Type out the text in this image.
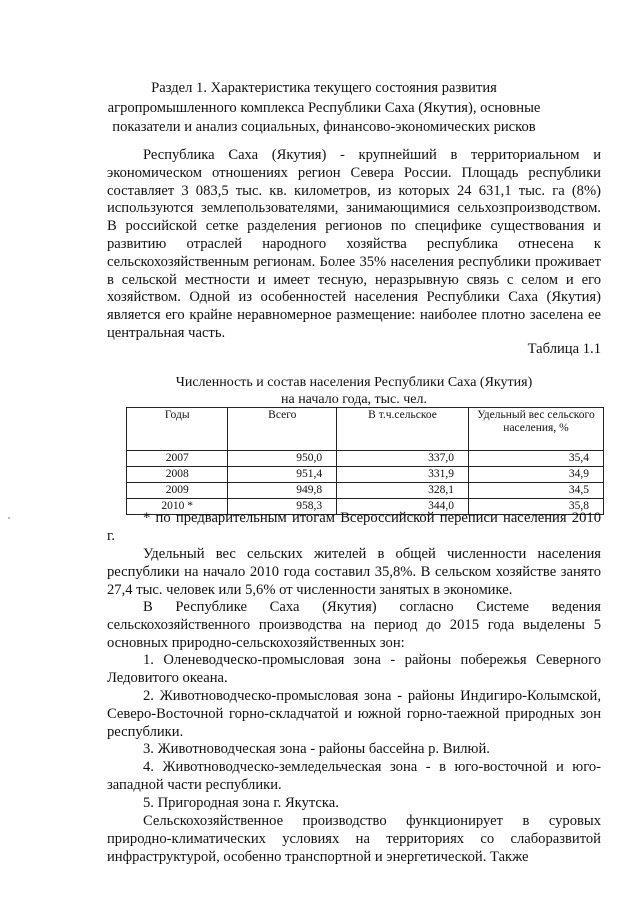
Раздел 1. Характеристика текущего состояния развития агропромышленного комплекса Республики Саха (Якутия), основные показатели и анализ социальных, финансово-экономических рисков
Республика Саха (Якутия) - крупнейший в территориальном и экономическом отношениях регион Севера России. Площадь республики составляет 3 083,5 тыс. кв. километров, из которых 24 631,1 тыс. га (8%) используются землепользователями, занимающимися сельхозпроизводством. В российской сетке разделения регионов по специфике существования и развитию отраслей народного хозяйства республика отнесена к сельскохозяйственным регионам. Более 35% населения республики проживает в сельской местности и имеет тесную, неразрывную связь с селом и его хозяйством. Одной из особенностей населения Республики Саха (Якутия) является его крайне неравномерное размещение: наиболее плотно заселена ее центральная часть.
Таблица 1.1
Численность и состав населения Республики Саха (Якутия)
на начало года, тыс. чел.
Годы	Всего	В т.ч.сельское	Удельный вес сельского населения, %
2007	950,0	337,0	35,4
2008	951,4	331,9	34,9
2009	949,8	328,1	34,5
2010 *	958,3	344,0	35,8
* по предварительным итогам Всероссийской переписи населения 2010 г.
Удельный вес сельских жителей в общей численности населения республики на начало 2010 года составил 35,8%. В сельском хозяйстве занято 27,4 тыс. человек или 5,6% от численности занятых в экономике.
В Республике Саха (Якутия) согласно Системе ведения сельскохозяйственного производства на период до 2015 года выделены 5 основных природно-сельскохозяйственных зон:
1. Оленеводческо-промысловая зона - районы побережья Северного Ледовитого океана.
2. Животноводческо-промысловая зона - районы Индигиро-Колымской, Северо-Восточной горно-складчатой и южной горно-таежной природных зон республики.
3. Животноводческая зона - районы бассейна р. Вилюй.
4. Животноводческо-земледельческая зона - в юго-восточной и юго-западной части республики.
5. Пригородная зона г. Якутска.
Сельскохозяйственное производство функционирует в суровых природно-климатических условиях на территориях со слаборазвитой инфраструктурой, особенно транспортной и энергетической. Также
